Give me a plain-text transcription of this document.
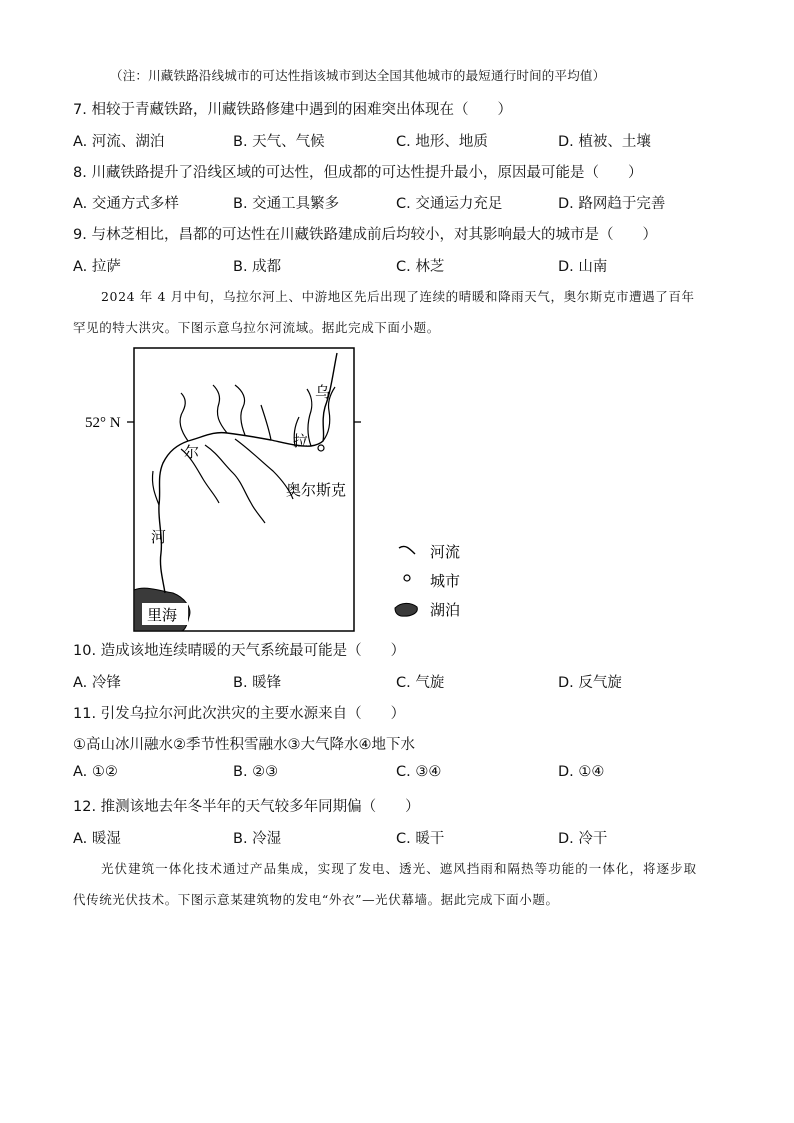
（注：川藏铁路沿线城市的可达性指该城市到达全国其他城市的最短通行时间的平均值）
7. 相较于青藏铁路，川藏铁路修建中遇到的困难突出体现在（　　）
A. 河流、湖泊	B. 天气、气候	C. 地形、地质	D. 植被、土壤
8. 川藏铁路提升了沿线区域的可达性，但成都的可达性提升最小，原因最可能是（　　）
A. 交通方式多样	B. 交通工具繁多	C. 交通运力充足	D. 路网趋于完善
9. 与林芝相比，昌都的可达性在川藏铁路建成前后均较小，对其影响最大的城市是（　　）
A. 拉萨	B. 成都	C. 林芝	D. 山南
2024 年 4 月中旬，乌拉尔河上、中游地区先后出现了连续的晴暖和降雨天气，奥尔斯克市遭遇了百年
罕见的特大洪灾。下图示意乌拉尔河流域。据此完成下面小题。
52° N
里海
乌
尔
拉
河
奥尔斯克
河流
城市
湖泊
10. 造成该地连续晴暖的天气系统最可能是（　　）
A. 冷锋	B. 暖锋	C. 气旋	D. 反气旋
11. 引发乌拉尔河此次洪灾的主要水源来自（　　）
①高山冰川融水②季节性积雪融水③大气降水④地下水
A. ①②	B. ②③	C. ③④	D. ①④
12. 推测该地去年冬半年的天气较多年同期偏（　　）
A. 暖湿	B. 冷湿	C. 暖干	D. 冷干
光伏建筑一体化技术通过产品集成，实现了发电、透光、遮风挡雨和隔热等功能的一体化，将逐步取
代传统光伏技术。下图示意某建筑物的发电“外衣”—光伏幕墙。据此完成下面小题。
